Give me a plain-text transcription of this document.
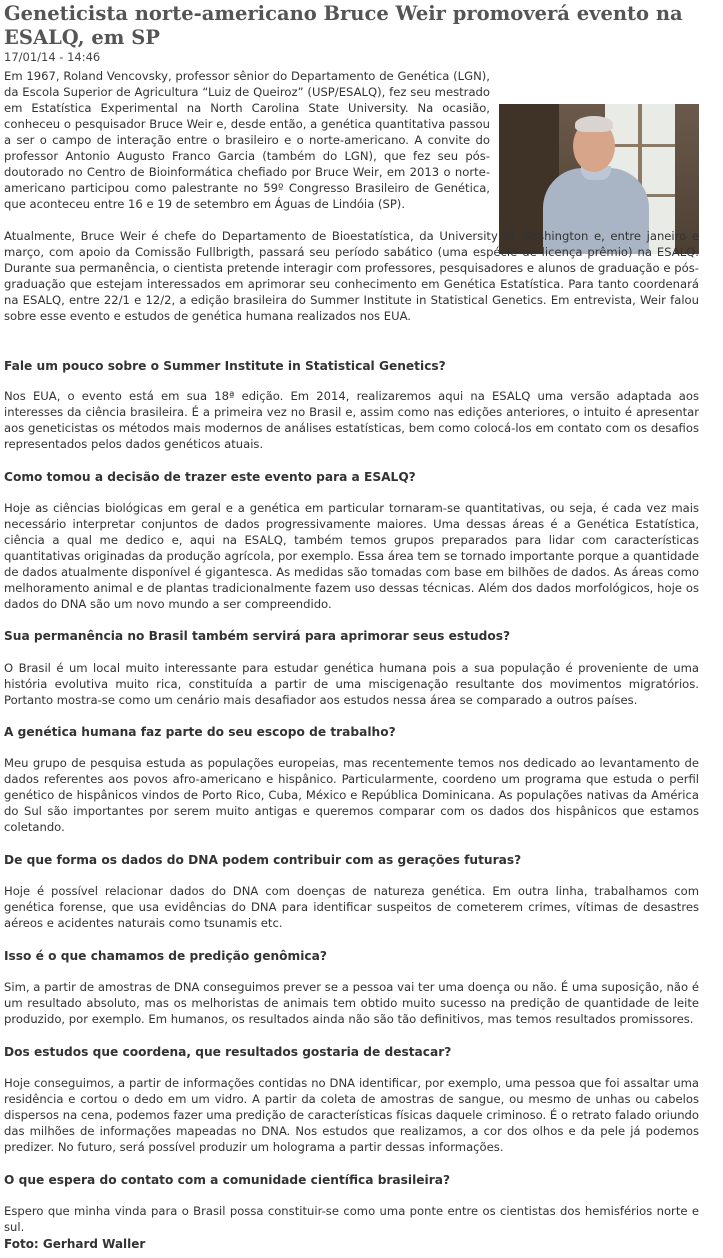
Geneticista norte-americano Bruce Weir promoverá evento na ESALQ, em SP
17/01/14 - 14:46

Em 1967, Roland Vencovsky, professor sênior do Departamento de Genética (LGN), da Escola Superior de Agricultura “Luiz de Queiroz” (USP/ESALQ), fez seu mestrado em Estatística Experimental na North Carolina State University. Na ocasião, conheceu o pesquisador Bruce Weir e, desde então, a genética quantitativa passou a ser o campo de interação entre o brasileiro e o norte-americano. A convite do professor Antonio Augusto Franco Garcia (também do LGN), que fez seu pós-doutorado no Centro de Bioinformática chefiado por Bruce Weir, em 2013 o norte-americano participou como palestrante no 59º Congresso Brasileiro de Genética, que aconteceu entre 16 e 19 de setembro em Águas de Lindóia (SP).

Atualmente, Bruce Weir é chefe do Departamento de Bioestatística, da University of Washington e, entre janeiro e março, com apoio da Comissão Fullbrigth, passará seu período sabático (uma espécie de licença prêmio) na ESALQ. Durante sua permanência, o cientista pretende interagir com professores, pesquisadores e alunos de graduação e pós-graduação que estejam interessados em aprimorar seu conhecimento em Genética Estatística. Para tanto coordenará na ESALQ, entre 22/1 e 12/2, a edição brasileira do Summer Institute in Statistical Genetics. Em entrevista, Weir falou sobre esse evento e estudos de genética humana realizados nos EUA.

Fale um pouco sobre o Summer Institute in Statistical Genetics?

Nos EUA, o evento está em sua 18ª edição. Em 2014, realizaremos aqui na ESALQ uma versão adaptada aos interesses da ciência brasileira. É a primeira vez no Brasil e, assim como nas edições anteriores, o intuito é apresentar aos geneticistas os métodos mais modernos de análises estatísticas, bem como colocá-los em contato com os desafios representados pelos dados genéticos atuais.

Como tomou a decisão de trazer este evento para a ESALQ?

Hoje as ciências biológicas em geral e a genética em particular tornaram-se quantitativas, ou seja, é cada vez mais necessário interpretar conjuntos de dados progressivamente maiores. Uma dessas áreas é a Genética Estatística, ciência a qual me dedico e, aqui na ESALQ, também temos grupos preparados para lidar com características quantitativas originadas da produção agrícola, por exemplo. Essa área tem se tornado importante porque a quantidade de dados atualmente disponível é gigantesca. As medidas são tomadas com base em bilhões de dados. As áreas como melhoramento animal e de plantas tradicionalmente fazem uso dessas técnicas. Além dos dados morfológicos, hoje os dados do DNA são um novo mundo a ser compreendido.

Sua permanência no Brasil também servirá para aprimorar seus estudos?

O Brasil é um local muito interessante para estudar genética humana pois a sua população é proveniente de uma história evolutiva muito rica, constituída a partir de uma miscigenação resultante dos movimentos migratórios. Portanto mostra-se como um cenário mais desafiador aos estudos nessa área se comparado a outros países.

A genética humana faz parte do seu escopo de trabalho?

Meu grupo de pesquisa estuda as populações europeias, mas recentemente temos nos dedicado ao levantamento de dados referentes aos povos afro-americano e hispânico. Particularmente, coordeno um programa que estuda o perfil genético de hispânicos vindos de Porto Rico, Cuba, México e República Dominicana. As populações nativas da América do Sul são importantes por serem muito antigas e queremos comparar com os dados dos hispânicos que estamos coletando.

De que forma os dados do DNA podem contribuir com as gerações futuras?

Hoje é possível relacionar dados do DNA com doenças de natureza genética. Em outra linha, trabalhamos com genética forense, que usa evidências do DNA para identificar suspeitos de cometerem crimes, vítimas de desastres aéreos e acidentes naturais como tsunamis etc.

Isso é o que chamamos de predição genômica?

Sim, a partir de amostras de DNA conseguimos prever se a pessoa vai ter uma doença ou não. É uma suposição, não é um resultado absoluto, mas os melhoristas de animais tem obtido muito sucesso na predição de quantidade de leite produzido, por exemplo. Em humanos, os resultados ainda não são tão definitivos, mas temos resultados promissores.

Dos estudos que coordena, que resultados gostaria de destacar?

Hoje conseguimos, a partir de informações contidas no DNA identificar, por exemplo, uma pessoa que foi assaltar uma residência e cortou o dedo em um vidro. A partir da coleta de amostras de sangue, ou mesmo de unhas ou cabelos dispersos na cena, podemos fazer uma predição de características físicas daquele criminoso. É o retrato falado oriundo das milhões de informações mapeadas no DNA. Nos estudos que realizamos, a cor dos olhos e da pele já podemos predizer. No futuro, será possível produzir um holograma a partir dessas informações.

O que espera do contato com a comunidade científica brasileira?

Espero que minha vinda para o Brasil possa constituir-se como uma ponte entre os cientistas dos hemisférios norte e sul.

Foto: Gerhard Waller
